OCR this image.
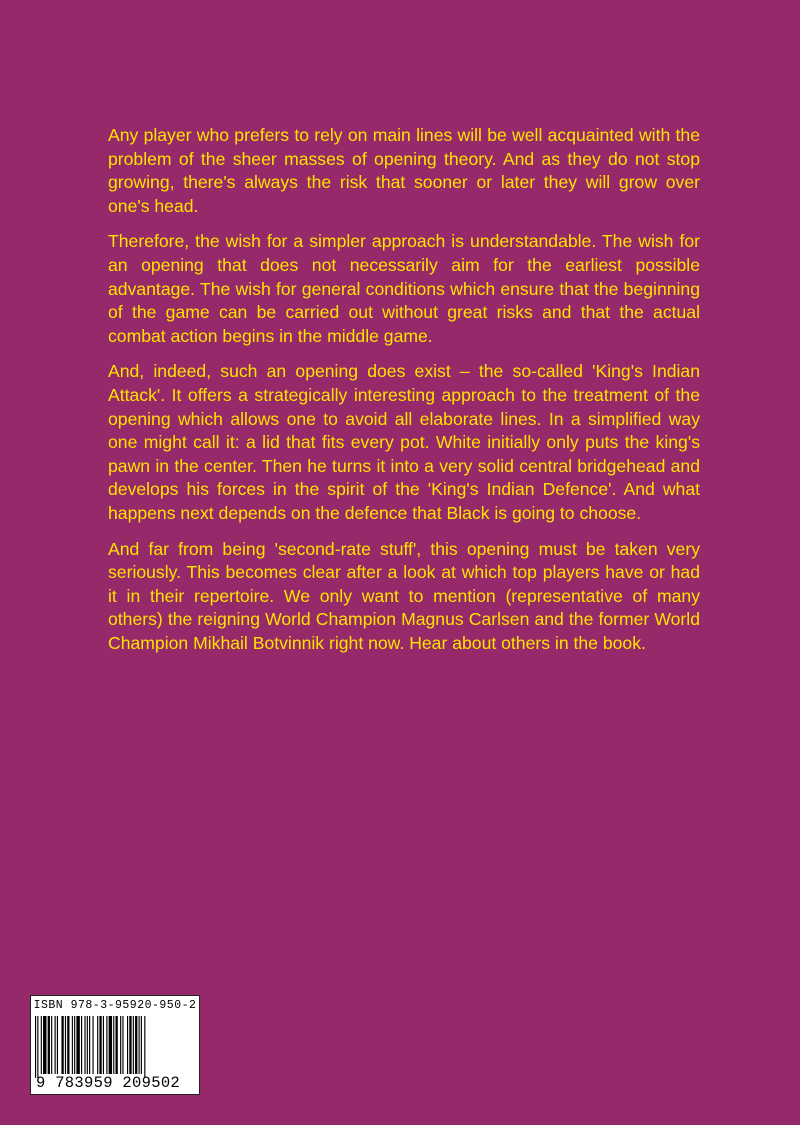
Any player who prefers to rely on main lines will be well acquainted with the problem of the sheer masses of opening theory. And as they do not stop growing, there's always the risk that sooner or later they will grow over one's head.

Therefore, the wish for a simpler approach is understandable. The wish for an opening that does not necessarily aim for the earliest possible advantage. The wish for general conditions which ensure that the beginning of the game can be carried out without great risks and that the actual combat action begins in the middle game.

And, indeed, such an opening does exist – the so-called 'King's Indian Attack'. It offers a strategically interesting approach to the treatment of the opening which allows one to avoid all elaborate lines. In a simplified way one might call it: a lid that fits every pot. White initially only puts the king's pawn in the center. Then he turns it into a very solid central bridgehead and develops his forces in the spirit of the 'King's Indian Defence'. And what happens next depends on the defence that Black is going to choose.

And far from being 'second-rate stuff', this opening must be taken very seriously. This becomes clear after a look at which top players have or had it in their repertoire. We only want to mention (representative of many others) the reigning World Champion Magnus Carlsen and the former World Champion Mikhail Botvinnik right now. Hear about others in the book.

ISBN 978-3-95920-950-2
9 783959 209502
